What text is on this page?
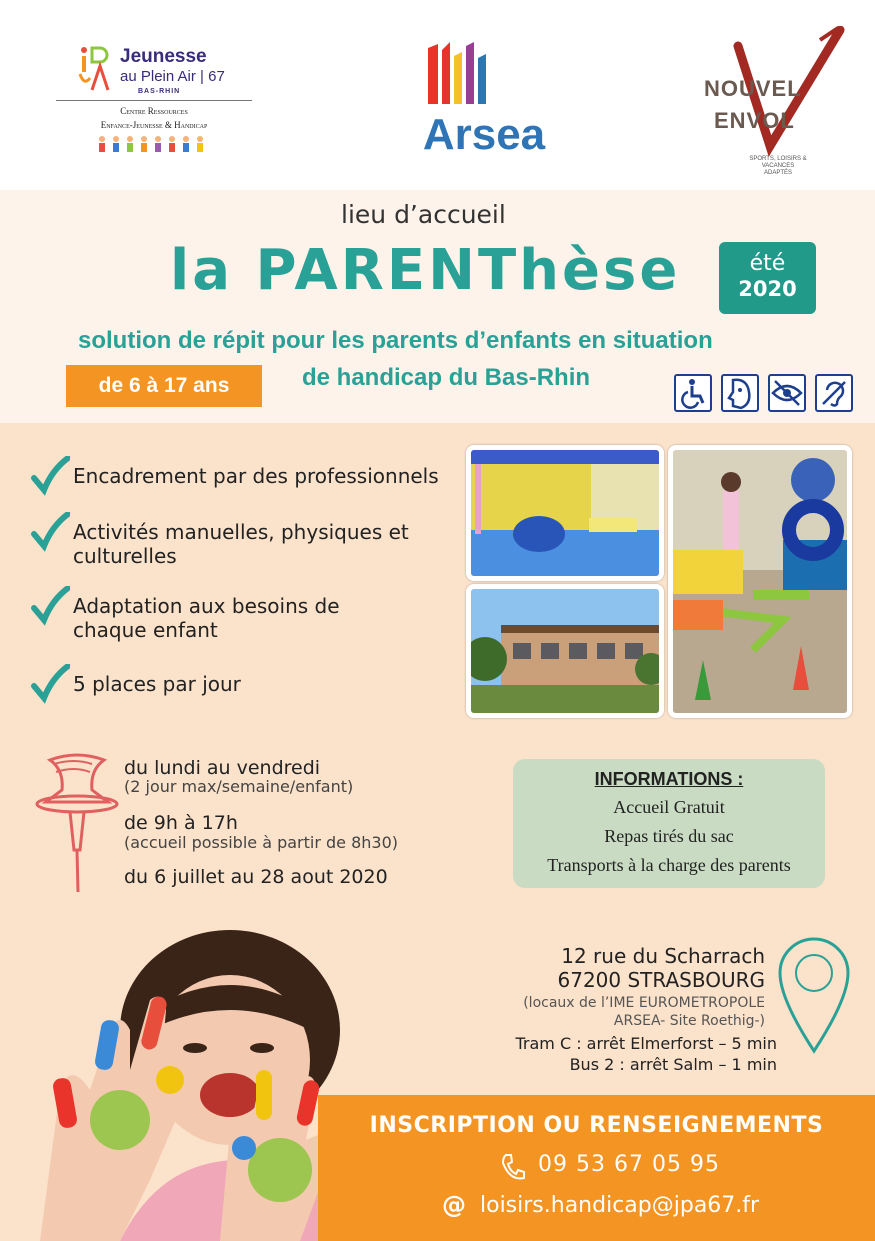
Jeunesse
au Plein Air | 67
BAS-RHIN
Centre Ressources
Enfance-Jeunesse & Handicap	Arsea
NOUVEL
ENVOL
SPORTS, LOISIRS & VACANCES ADAPTÉS
lieu d’accueil
la PARENThèse	été
2020
solution de répit pour les parents d’enfants en situation
de handicap du Bas-Rhin
de 6 à 17 ans
Encadrement par des professionnels
Activités manuelles, physiques et
culturelles
Adaptation aux besoins de
chaque enfant
5 places par jour
du lundi au vendredi
(2 jour max/semaine/enfant)
de 9h à 17h
(accueil possible à partir de 8h30)
du 6 juillet au 28 aout 2020
INFORMATIONS :
Accueil Gratuit
Repas tirés du sac
Transports à la charge des parents
12 rue du Scharrach
67200 STRASBOURG
(locaux de l’IME EUROMETROPOLE
ARSEA- Site Roethig-)
Tram C : arrêt Elmerforst – 5 min
Bus 2 : arrêt Salm – 1 min
INSCRIPTION OU RENSEIGNEMENTS
09 53 67 05 95
@ loisirs.handicap@jpa67.fr
